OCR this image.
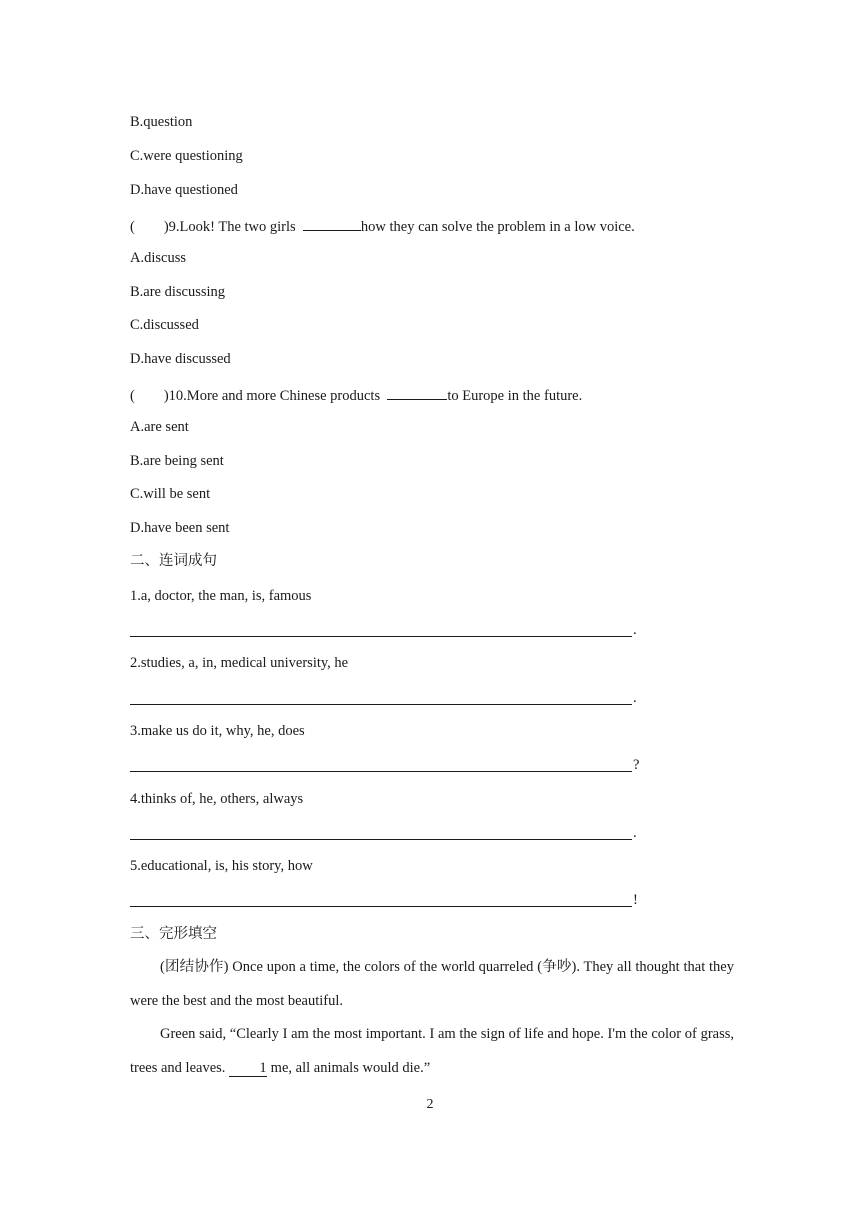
B.question
C.were questioning
D.have questioned
(        )9.Look! The two girls	how they can solve the problem in a low voice.
A.discuss
B.are discussing
C.discussed
D.have discussed
(        )10.More and more Chinese products	to Europe in the future.
A.are sent
B.are being sent
C.will be sent
D.have been sent
二、连词成句
1.a, doctor, the man, is, famous
.
2.studies, a, in, medical university, he
.
3.make us do it, why, he, does
?
4.thinks of, he, others, always
.
5.educational, is, his story, how
!
三、完形填空
(团结协作) Once upon a time, the colors of the world quarreled (争吵). They all thought that they were the best and the most beautiful.
Green said, “Clearly I am the most important. I am the sign of life and hope. I'm the color of grass, trees and leaves. 1 me, all animals would die.”
2
